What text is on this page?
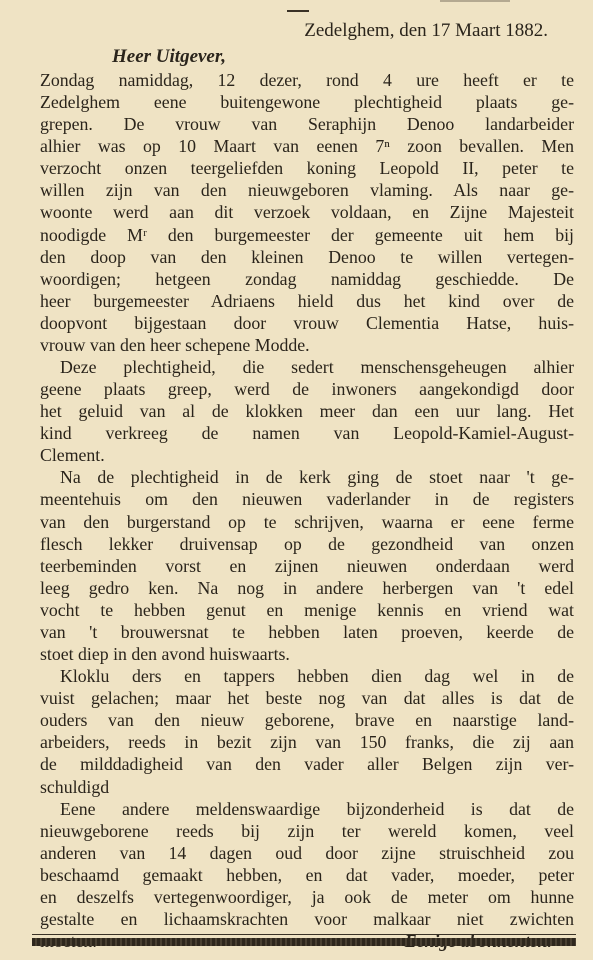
Zedelghem, den 17 Maart 1882.
Heer Uitgever,
Zondag namiddag, 12 dezer, rond 4 ure heeft er te
Zedelghem eene buitengewone plechtigheid plaats ge-
grepen. De vrouw van Seraphijn Denoo landarbeider
alhier was op 10 Maart van eenen 7ⁿ zoon bevallen. Men
verzocht onzen teergeliefden koning Leopold II, peter te
willen zijn van den nieuwgeboren vlaming. Als naar ge-
woonte werd aan dit verzoek voldaan, en Zijne Majesteit
noodigde Mʳ den burgemeester der gemeente uit hem bij
den doop van den kleinen Denoo te willen vertegen-
woordigen; hetgeen zondag namiddag geschiedde. De
heer burgemeester Adriaens hield dus het kind over de
doopvont bijgestaan door vrouw Clementia Hatse, huis-
vrouw van den heer schepene Modde.
Deze plechtigheid, die sedert menschensgeheugen alhier
geene plaats greep, werd de inwoners aangekondigd door
het geluid van al de klokken meer dan een uur lang. Het
kind verkreeg de namen van Leopold-Kamiel-August-
Clement.
Na de plechtigheid in de kerk ging de stoet naar 't ge-
meentehuis om den nieuwen vaderlander in de registers
van den burgerstand op te schrijven, waarna er eene ferme
flesch lekker druivensap op de gezondheid van onzen
teerbeminden vorst en zijnen nieuwen onderdaan werd
leeg gedro ken. Na nog in andere herbergen van 't edel
vocht te hebben genut en menige kennis en vriend wat
van 't brouwersnat te hebben laten proeven, keerde de
stoet diep in den avond huiswaarts.
Kloklu ders en tappers hebben dien dag wel in de
vuist gelachen; maar het beste nog van dat alles is dat de
ouders van den nieuw geborene, brave en naarstige land-
arbeiders, reeds in bezit zijn van 150 franks, die zij aan
de milddadigheid van den vader aller Belgen zijn ver-
schuldigd
Eene andere meldenswaardige bijzonderheid is dat de
nieuwgeborene reeds bij zijn ter wereld komen, veel
anderen van 14 dagen oud door zijne struischheid zou
beschaamd gemaakt hebben, en dat vader, moeder, peter
en deszelfs vertegenwoordiger, ja ook de meter om hunne
gestalte en lichaamskrachten voor malkaar niet zwichten
